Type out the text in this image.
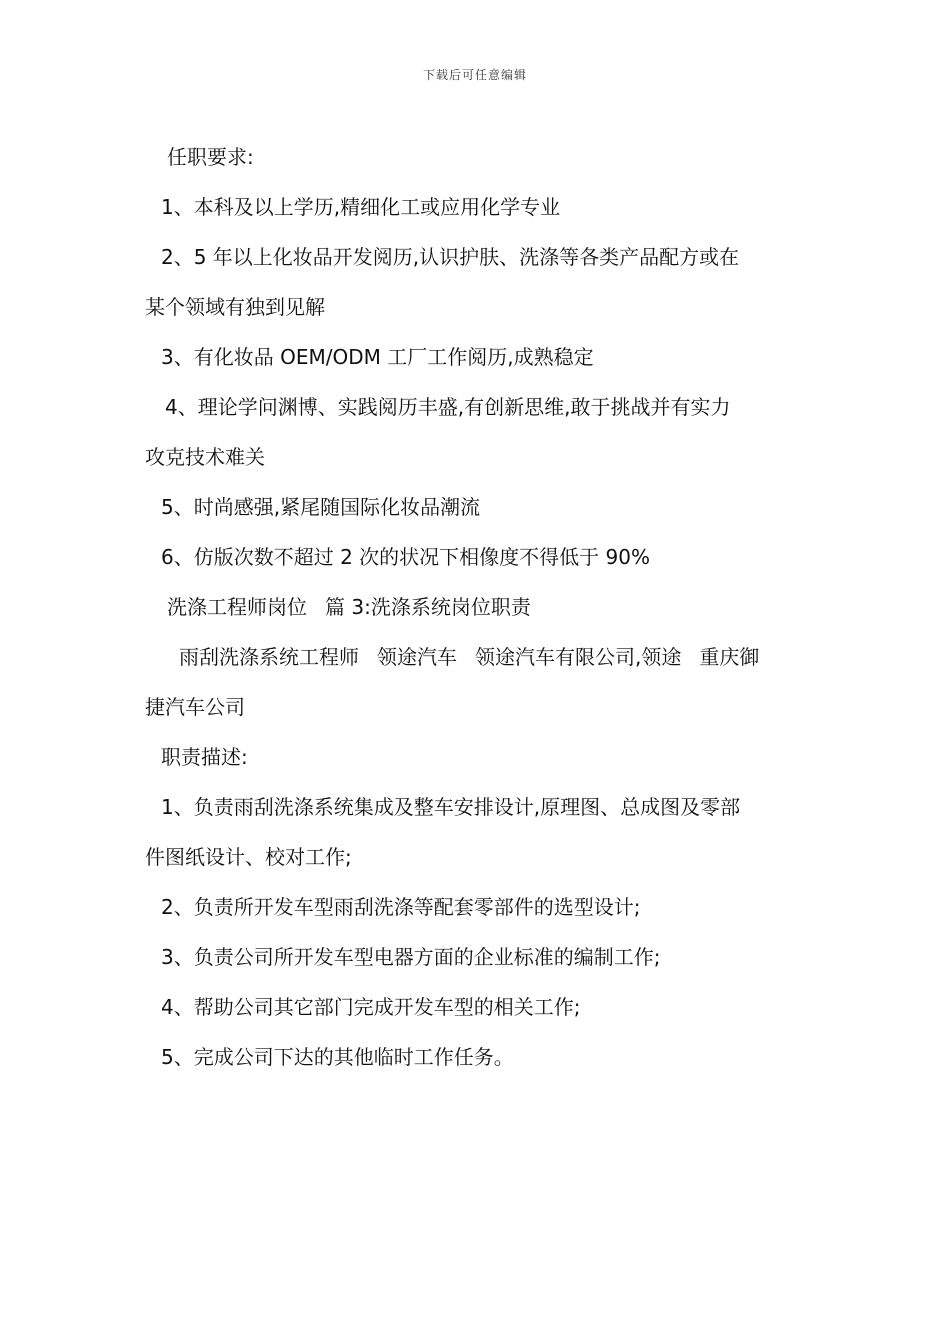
下载后可任意编辑
任职要求:
1、本科及以上学历,精细化工或应用化学专业
2、5 年以上化妆品开发阅历,认识护肤、洗涤等各类产品配方或在
某个领域有独到见解
3、有化妆品 OEM/ODM 工厂工作阅历,成熟稳定
4、理论学问渊博、实践阅历丰盛,有创新思维,敢于挑战并有实力
攻克技术难关
5、时尚感强,紧尾随国际化妆品潮流
6、仿版次数不超过 2 次的状况下相像度不得低于 90%
洗涤工程师岗位 篇 3:洗涤系统岗位职责
雨刮洗涤系统工程师 领途汽车 领途汽车有限公司,领途 重庆御
捷汽车公司
职责描述:
1、负责雨刮洗涤系统集成及整车安排设计,原理图、总成图及零部
件图纸设计、校对工作;
2、负责所开发车型雨刮洗涤等配套零部件的选型设计;
3、负责公司所开发车型电器方面的企业标准的编制工作;
4、帮助公司其它部门完成开发车型的相关工作;
5、完成公司下达的其他临时工作任务。
